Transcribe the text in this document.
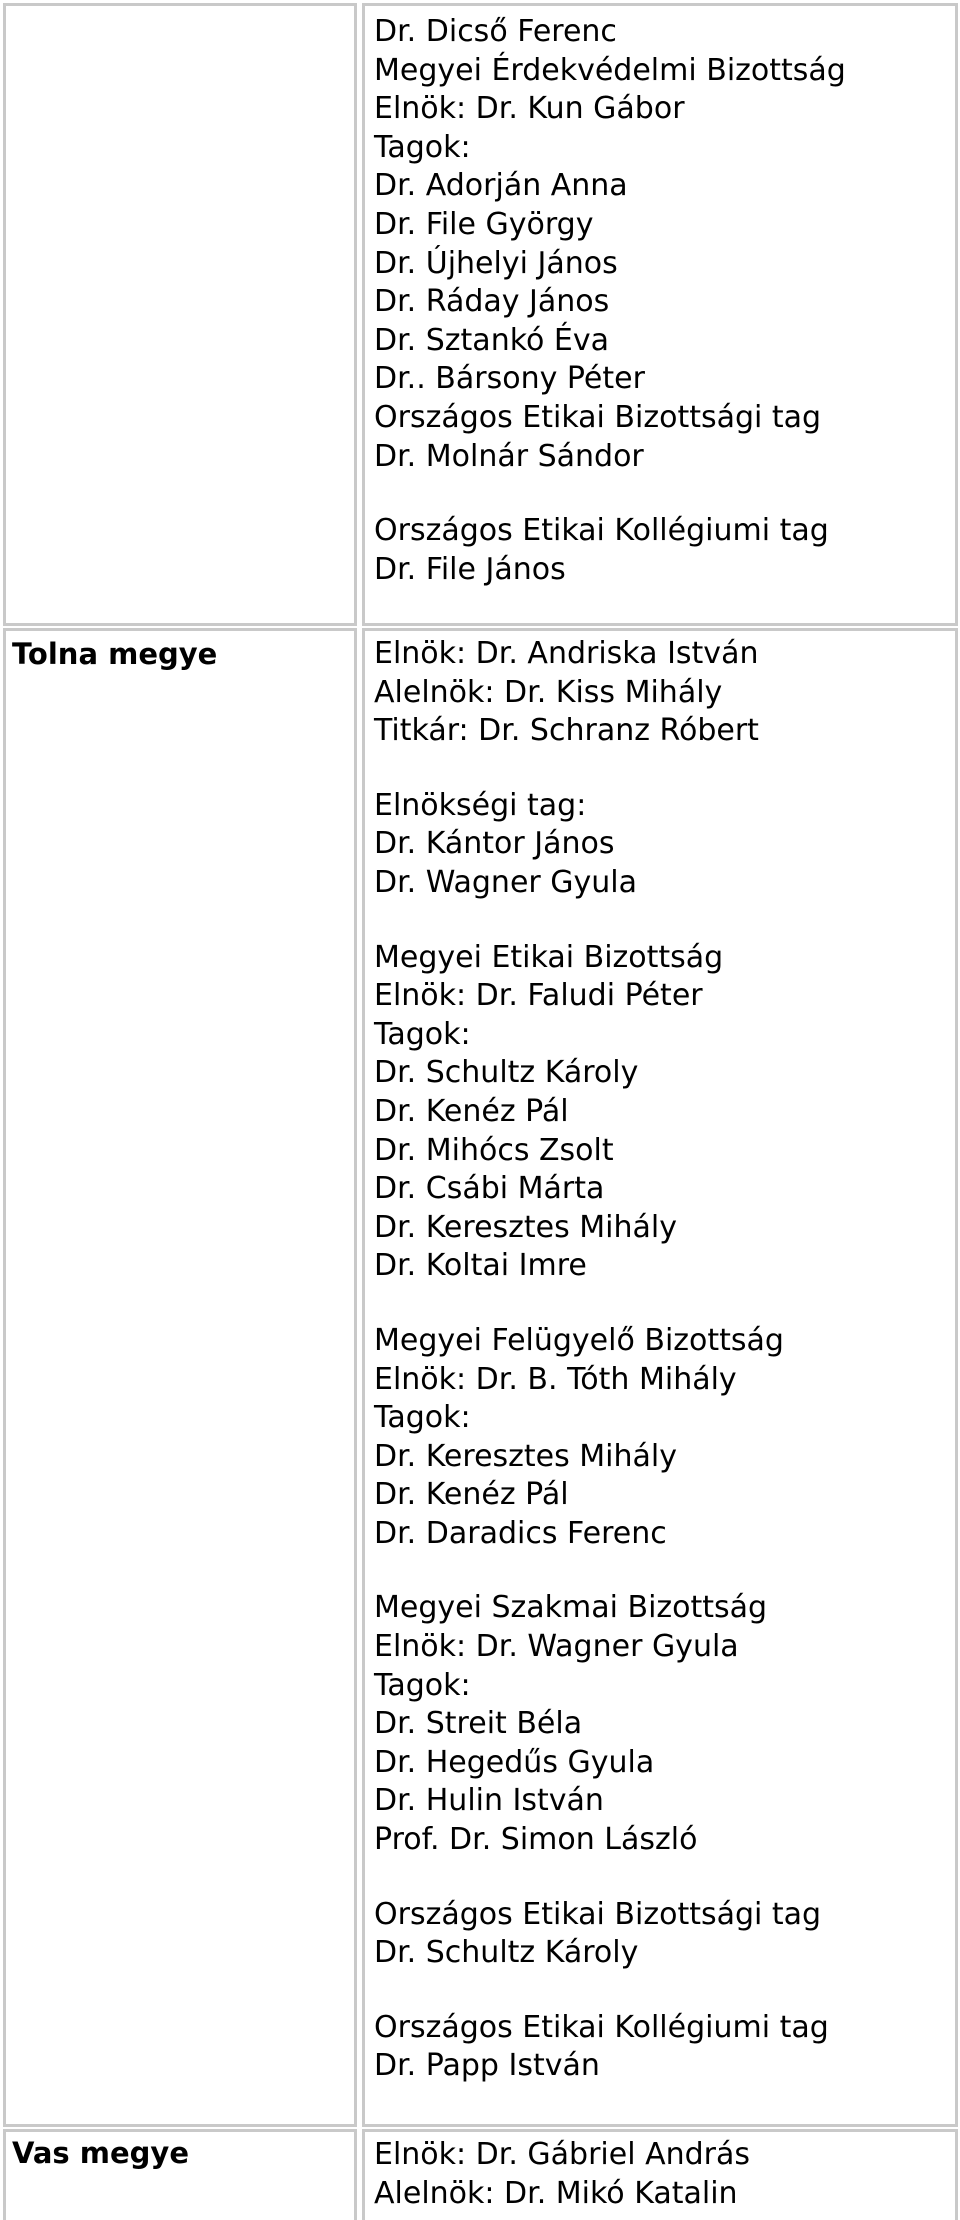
Dr. Dicső Ferenc
Megyei Érdekvédelmi Bizottság
Elnök: Dr. Kun Gábor
Tagok:
Dr. Adorján Anna
Dr. File György
Dr. Újhelyi János
Dr. Ráday János
Dr. Sztankó Éva
Dr.. Bársony Péter
Országos Etikai Bizottsági tag
Dr. Molnár Sándor
Országos Etikai Kollégiumi tag
Dr. File János
Tolna megye	Elnök: Dr. Andriska István
Alelnök: Dr. Kiss Mihály
Titkár: Dr. Schranz Róbert
Elnökségi tag:
Dr. Kántor János
Dr. Wagner Gyula
Megyei Etikai Bizottság
Elnök: Dr. Faludi Péter
Tagok:
Dr. Schultz Károly
Dr. Kenéz Pál
Dr. Mihócs Zsolt
Dr. Csábi Márta
Dr. Keresztes Mihály
Dr. Koltai Imre
Megyei Felügyelő Bizottság
Elnök: Dr. B. Tóth Mihály
Tagok:
Dr. Keresztes Mihály
Dr. Kenéz Pál
Dr. Daradics Ferenc
Megyei Szakmai Bizottság
Elnök: Dr. Wagner Gyula
Tagok:
Dr. Streit Béla
Dr. Hegedűs Gyula
Dr. Hulin István
Prof. Dr. Simon László
Országos Etikai Bizottsági tag
Dr. Schultz Károly
Országos Etikai Kollégiumi tag
Dr. Papp István
Vas megye	Elnök: Dr. Gábriel András
Alelnök: Dr. Mikó Katalin
